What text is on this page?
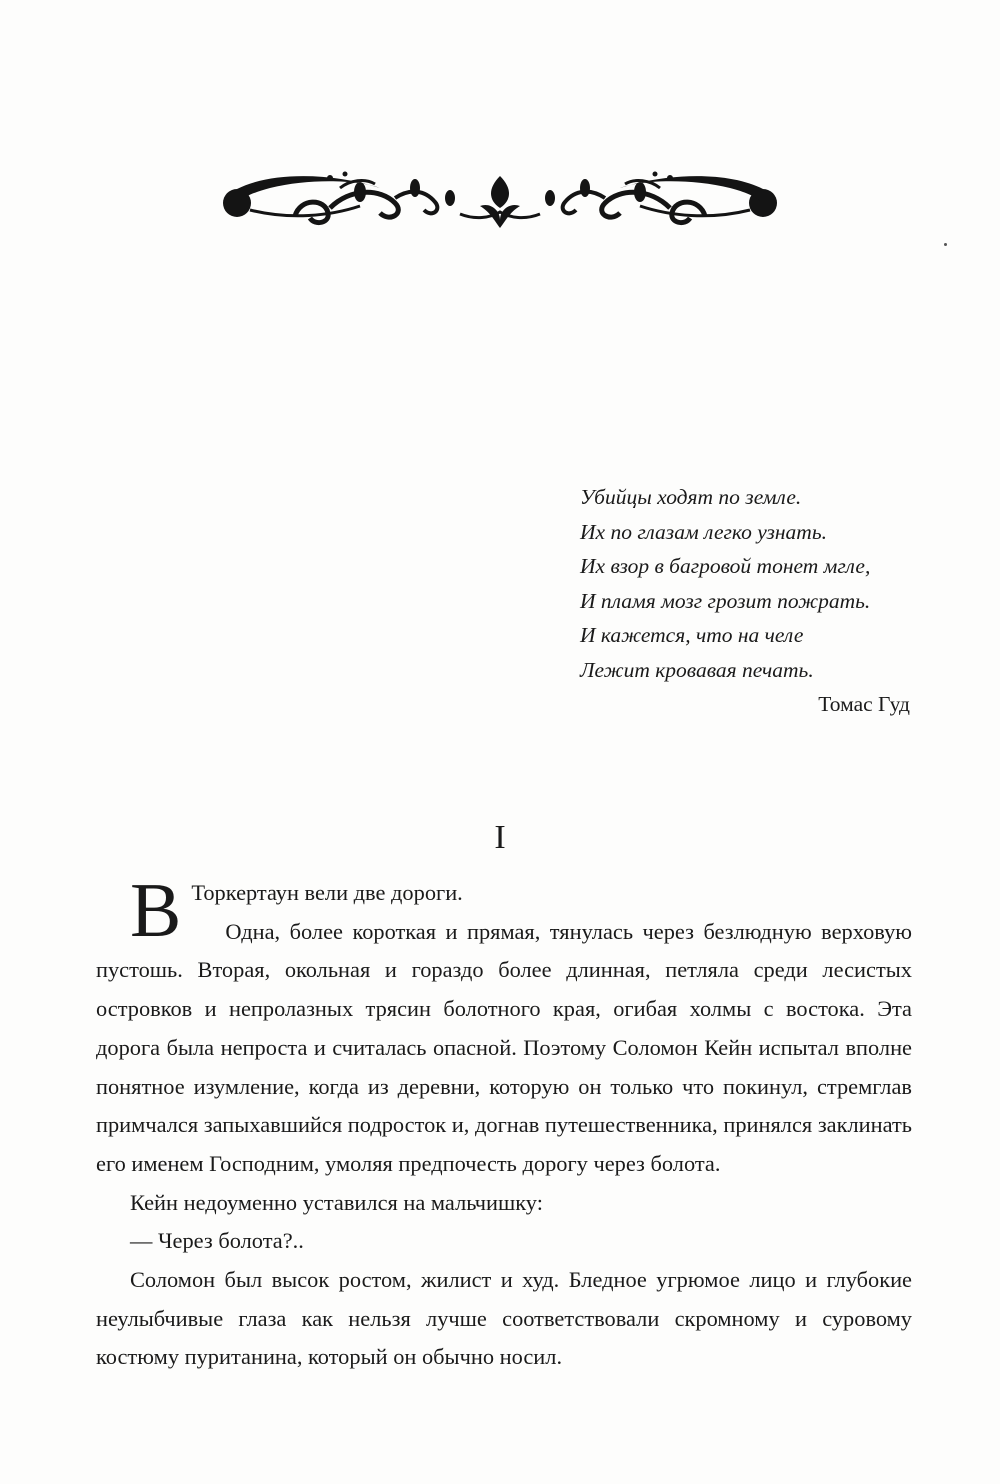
Убийцы ходят по земле.
Их по глазам легко узнать.
Их взор в багровой тонет мгле,
И пламя мозг грозит пожрать.
И кажется, что на челе
Лежит кровавая печать.
Томас Гуд
I

В Торкертаун вели две дороги.

Одна, более короткая и прямая, тянулась через безлюдную верховую пустошь. Вторая, окольная и гораздо более длинная, петляла среди лесистых островков и непролазных трясин болотного края, огибая холмы с востока. Эта дорога была непроста и считалась опасной. Поэтому Соломон Кейн испытал вполне понятное изумление, когда из деревни, которую он только что покинул, стремглав примчался запыхавшийся подросток и, догнав путешественника, принялся заклинать его именем Господним, умоляя предпочесть дорогу через болота.

Кейн недоуменно уставился на мальчишку:

— Через болота?..

Соломон был высок ростом, жилист и худ. Бледное угрюмое лицо и глубокие неулыбчивые глаза как нельзя лучше соответствовали скромному и суровому костюму пуританина, который он обычно носил.
